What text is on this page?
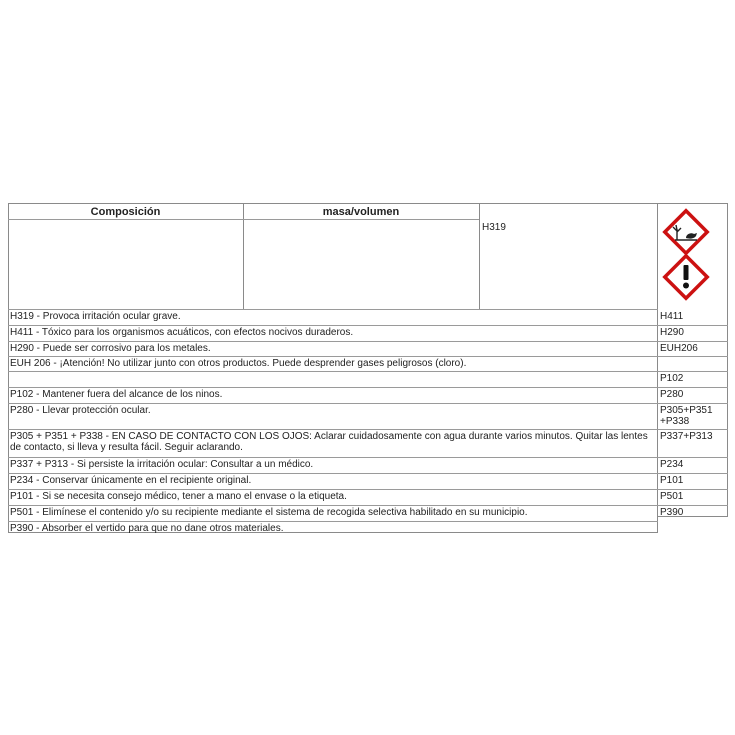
Composición	masa/volumen
H319
H319 - Provoca irritación ocular grave.
H411 - Tóxico para los organismos acuáticos, con efectos nocivos duraderos.
H290 - Puede ser corrosivo para los metales.
EUH 206 - ¡Atención! No utilizar junto con otros productos. Puede desprender gases peligrosos (cloro).
P102 - Mantener fuera del alcance de los ninos.
P280 - Llevar protección ocular.
P305 + P351 + P338 - EN CASO DE CONTACTO CON LOS OJOS: Aclarar cuidadosamente con agua durante varios minutos. Quitar las lentes de contacto, si lleva y resulta fácil. Seguir aclarando.
P337 + P313 - Si persiste la irritación ocular: Consultar a un médico.
P234 - Conservar únicamente en el recipiente original.
P101 - Si se necesita consejo médico, tener a mano el envase o la etiqueta.
P501 - Elimínese el contenido y/o su recipiente mediante el sistema de recogida selectiva habilitado en su municipio.
P390 - Absorber el vertido para que no dane otros materiales.
H411
H290
EUH206
P102
P280
P305+P351 +P338
P337+P313
P234
P101
P501
P390
